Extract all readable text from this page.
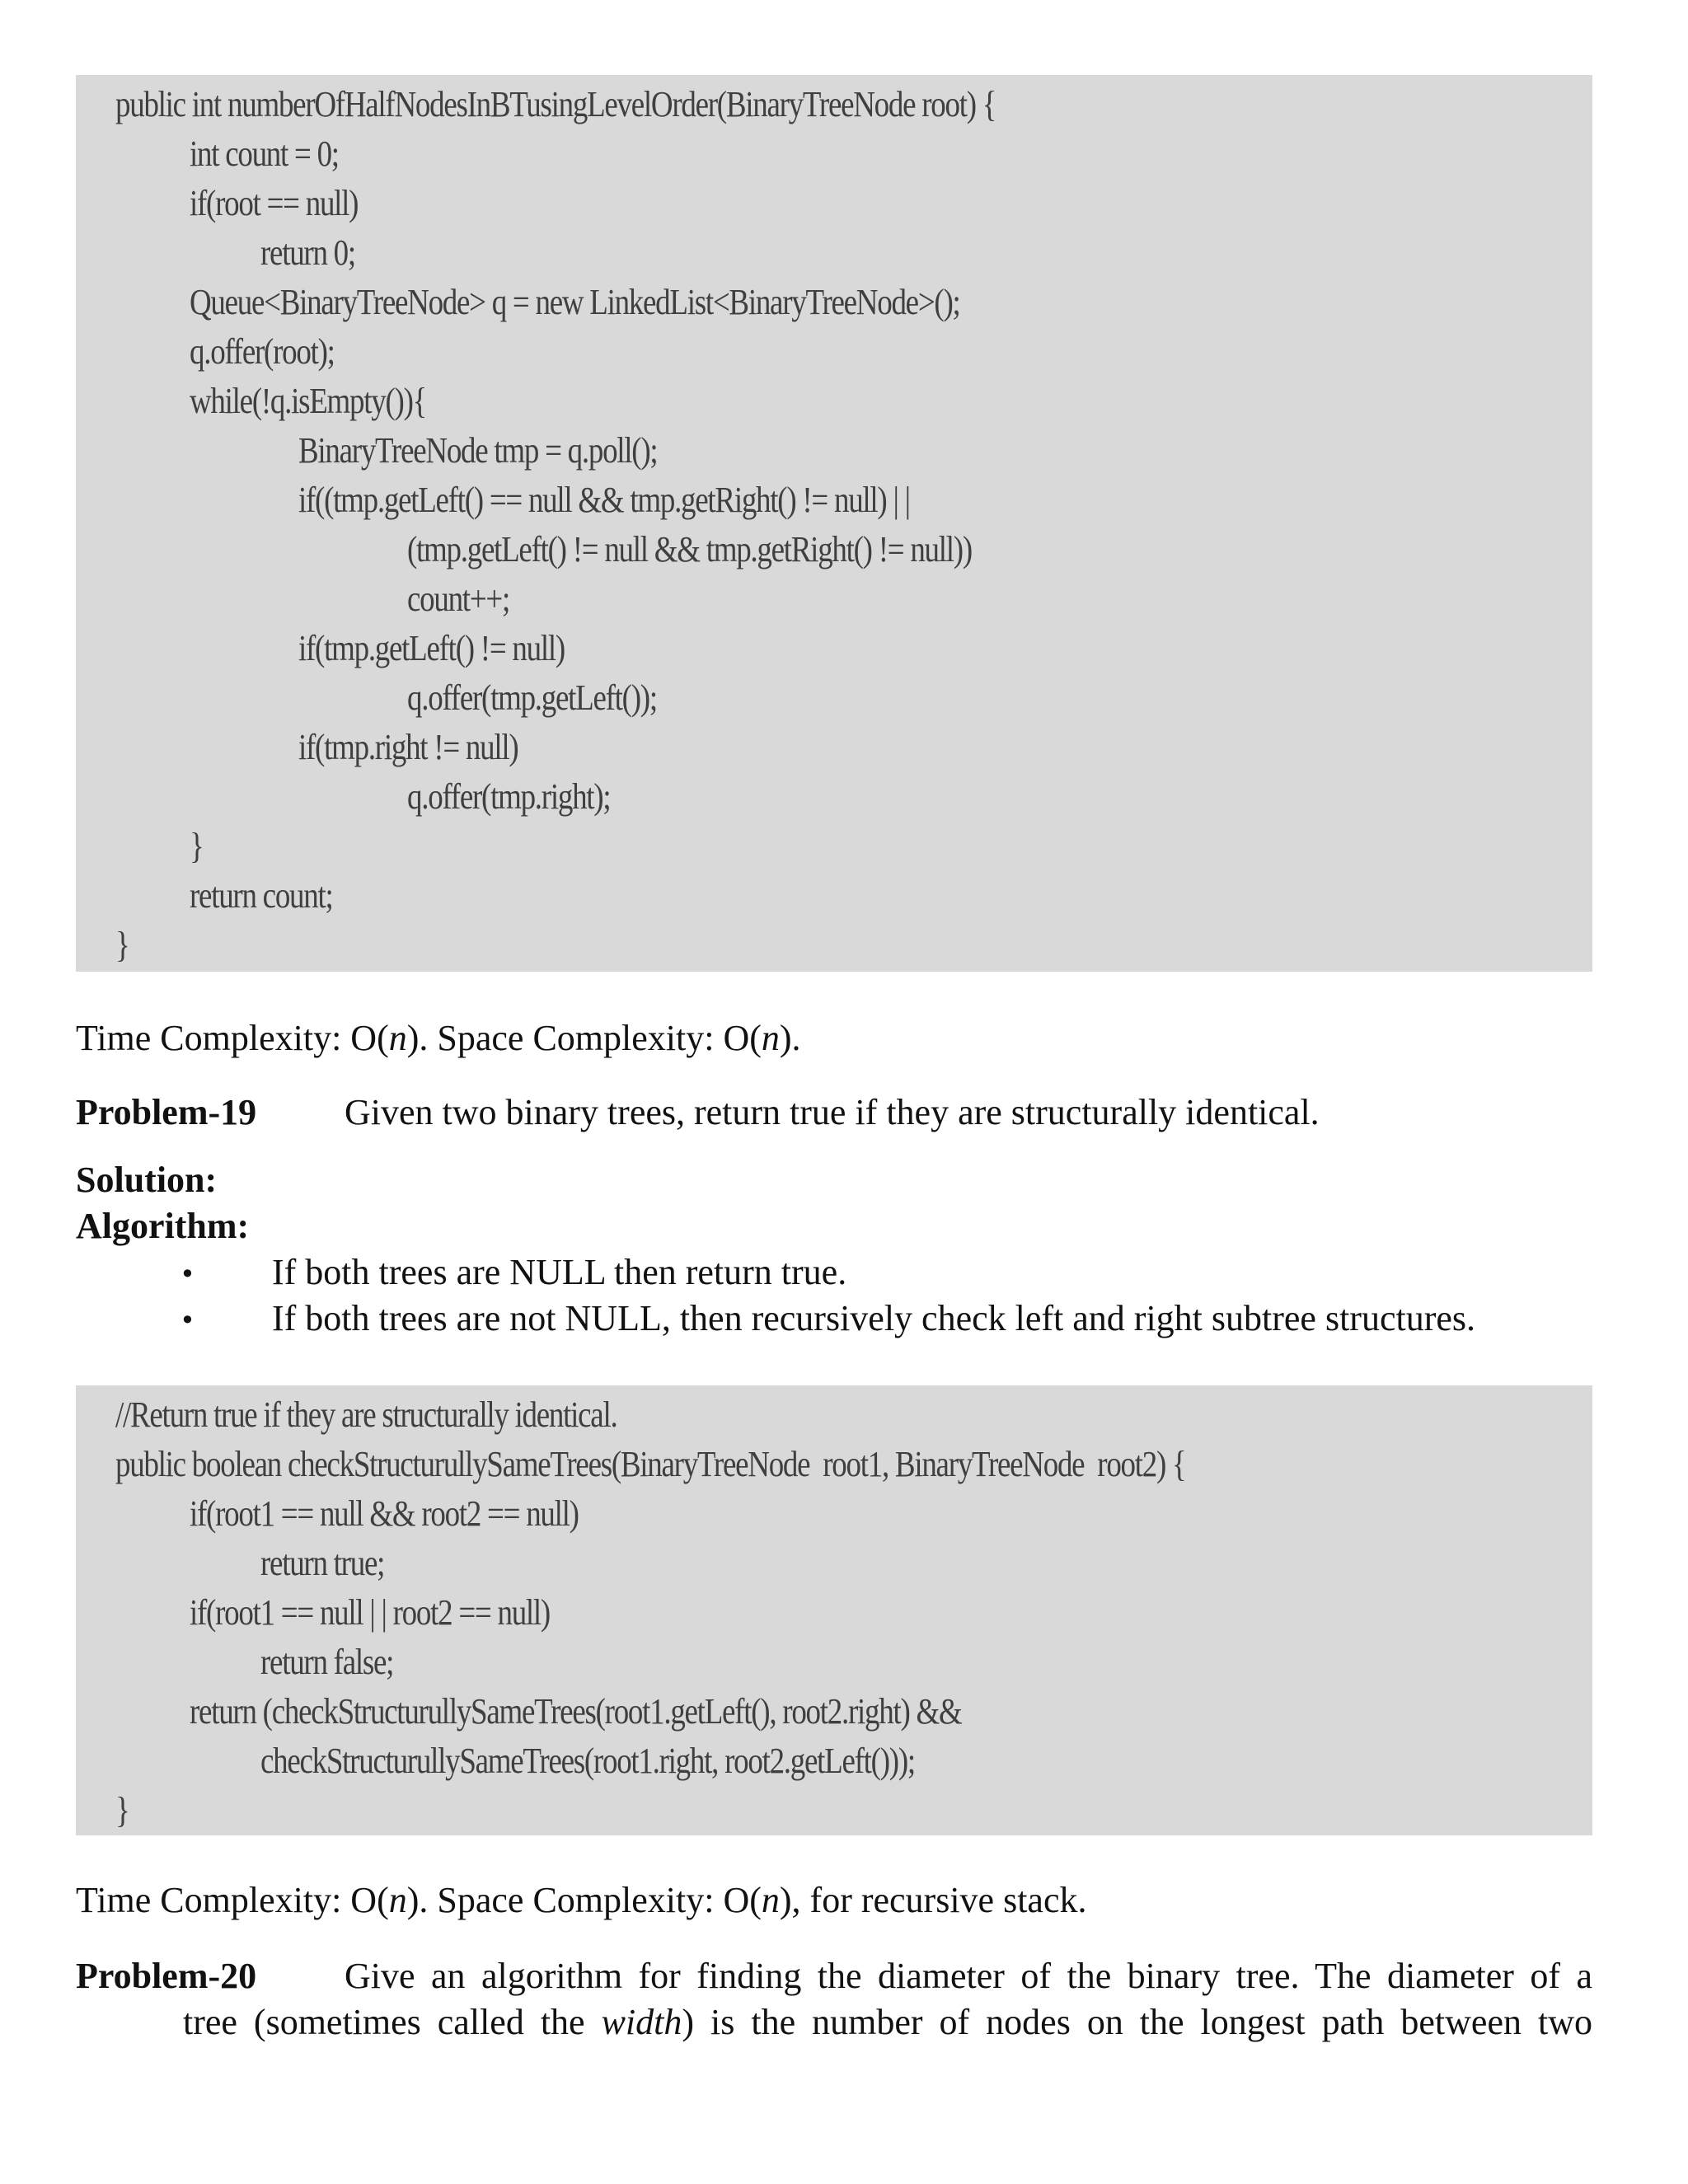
public int numberOfHalfNodesInBTusingLevelOrder(BinaryTreeNode root) {
int count = 0;
if(root == null)
return 0;
Queue<BinaryTreeNode> q = new LinkedList<BinaryTreeNode>();
q.offer(root);
while(!q.isEmpty()){
BinaryTreeNode tmp = q.poll();
if((tmp.getLeft() == null && tmp.getRight() != null) | |
(tmp.getLeft() != null && tmp.getRight() != null))
count++;
if(tmp.getLeft() != null)
q.offer(tmp.getLeft());
if(tmp.right != null)
q.offer(tmp.right);
}
return count;
}
Time Complexity: O(n). Space Complexity: O(n).
Problem-19 Given two binary trees, return true if they are structurally identical.
Solution:
Algorithm:
• If both trees are NULL then return true.
• If both trees are not NULL, then recursively check left and right subtree structures.
//Return true if they are structurally identical.
public boolean checkStructurullySameTrees(BinaryTreeNode  root1, BinaryTreeNode  root2) {
if(root1 == null && root2 == null)
return true;
if(root1 == null | | root2 == null)
return false;
return (checkStructurullySameTrees(root1.getLeft(), root2.right) &&
checkStructurullySameTrees(root1.right, root2.getLeft()));
}
Time Complexity: O(n). Space Complexity: O(n), for recursive stack.
Problem-20 Give an algorithm for finding the diameter of the binary tree. The diameter of a
tree (sometimes called the width) is the number of nodes on the longest path between two
